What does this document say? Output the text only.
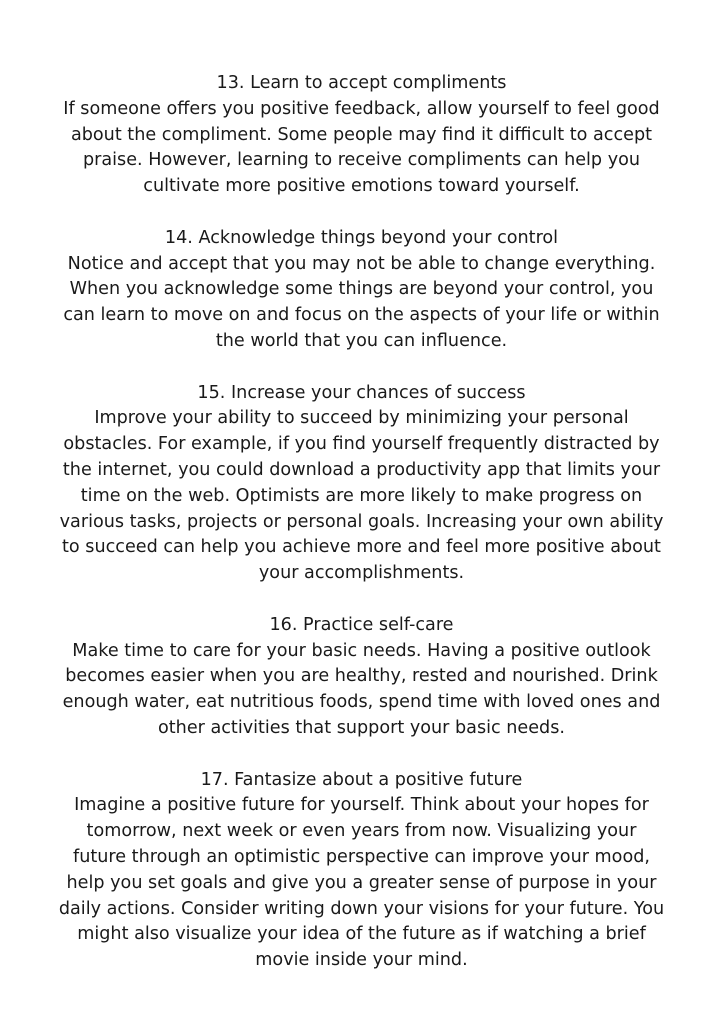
13. Learn to accept compliments

If someone offers you positive feedback, allow yourself to feel good about the compliment. Some people may find it difficult to accept praise. However, learning to receive compliments can help you cultivate more positive emotions toward yourself.

14. Acknowledge things beyond your control

Notice and accept that you may not be able to change everything. When you acknowledge some things are beyond your control, you can learn to move on and focus on the aspects of your life or within the world that you can influence.

15. Increase your chances of success

Improve your ability to succeed by minimizing your personal obstacles. For example, if you find yourself frequently distracted by the internet, you could download a productivity app that limits your time on the web. Optimists are more likely to make progress on various tasks, projects or personal goals. Increasing your own ability to succeed can help you achieve more and feel more positive about your accomplishments.

16. Practice self-care

Make time to care for your basic needs. Having a positive outlook becomes easier when you are healthy, rested and nourished. Drink enough water, eat nutritious foods, spend time with loved ones and other activities that support your basic needs.

17. Fantasize about a positive future

Imagine a positive future for yourself. Think about your hopes for tomorrow, next week or even years from now. Visualizing your future through an optimistic perspective can improve your mood, help you set goals and give you a greater sense of purpose in your daily actions. Consider writing down your visions for your future. You might also visualize your idea of the future as if watching a brief movie inside your mind.
